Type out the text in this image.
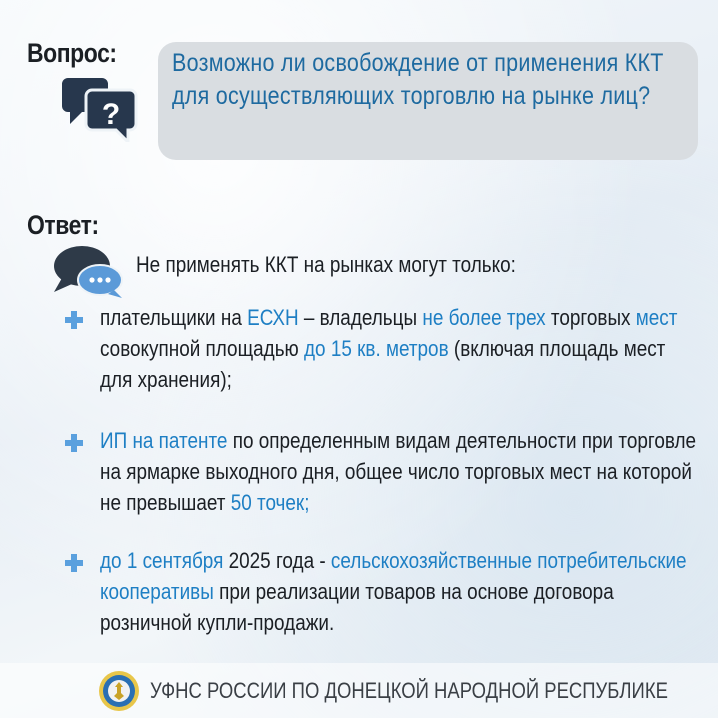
Вопрос:
?
Возможно ли освобождение от применения ККТ для осуществляющих торговлю на рынке лиц?
Ответ:
Не применять ККТ на рынках могут только:
плательщики на ЕСХН – владельцы не более трех торговых мест совокупной площадью до 15 кв. метров (включая площадь мест для хранения);
ИП на патенте по определенным видам деятельности при торговле на ярмарке выходного дня, общее число торговых мест на которой не превышает 50 точек;
до 1 сентября 2025 года - сельскохозяйственные потребительские кооперативы при реализации товаров на основе договора розничной купли-продажи.
УФНС РОССИИ ПО ДОНЕЦКОЙ НАРОДНОЙ РЕСПУБЛИКЕ
